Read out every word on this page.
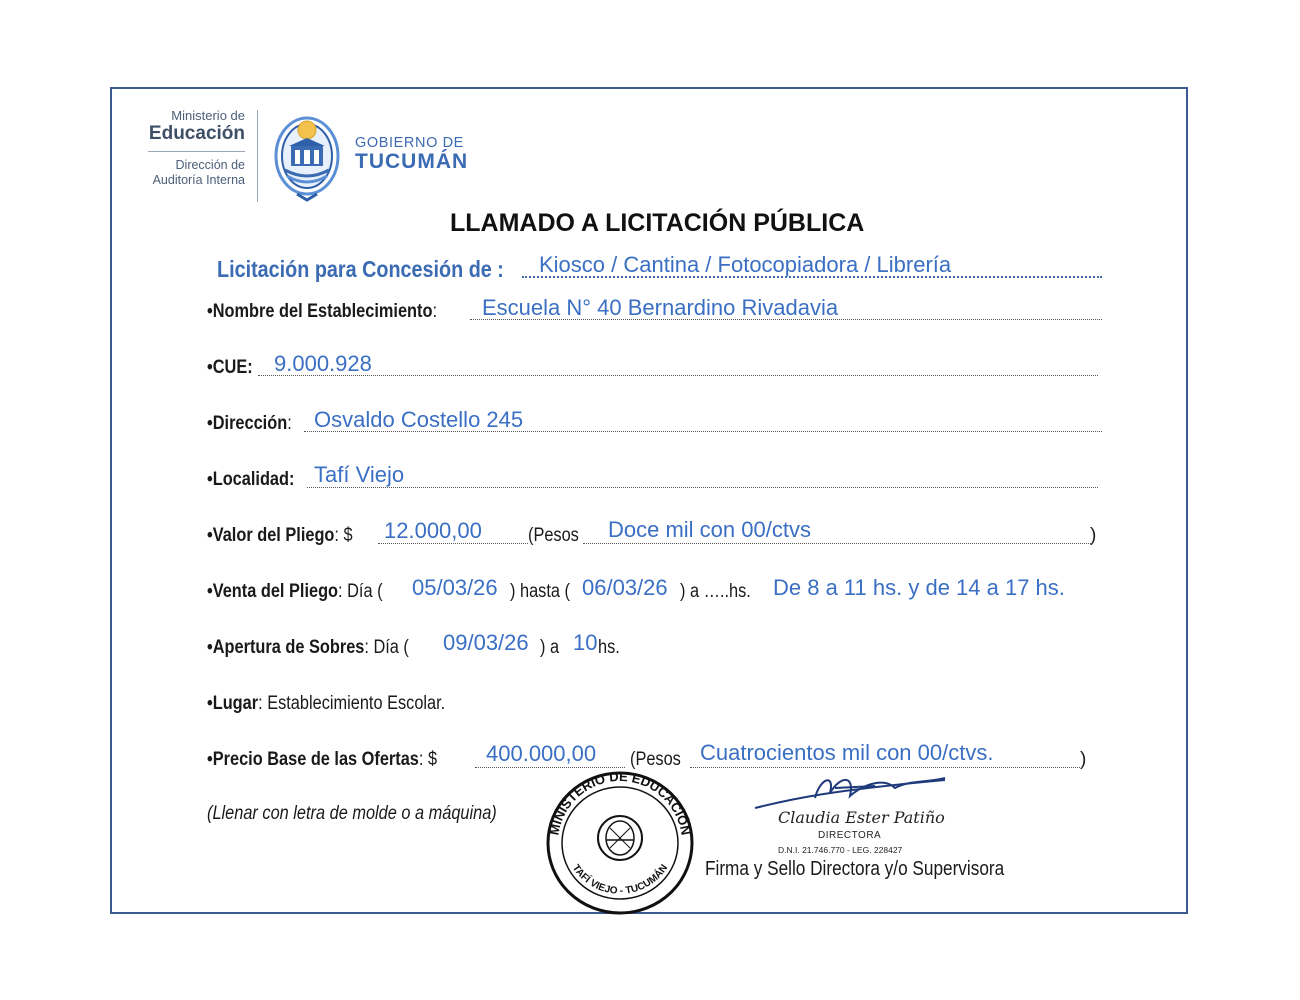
Ministerio de
Educación
Dirección de
Auditoría Interna
GOBIERNO DE
TUCUMÁN
LLAMADO A LICITACIÓN PÚBLICA
Licitación para Concesión de :	Kiosco / Cantina / Fotocopiadora / Librería
•Nombre del Establecimiento:	Escuela N° 40 Bernardino Rivadavia
•CUE: 9.000.928
•Dirección:	Osvaldo Costello 245
•Localidad: Tafí Viejo
•Valor del Pliego: $	12.000,00 (Pesos	Doce mil con 00/ctvs	)
•Venta del Pliego: Día (	05/03/26 ) hasta ( 06/03/26 ) a …..hs.	De 8 a 11 hs. y de 14 a 17 hs.
•Apertura de Sobres: Día (	09/03/26 ) a 10 hs.
•Lugar: Establecimiento Escolar.
•Precio Base de las Ofertas: $	400.000,00 (Pesos Cuatrocientos mil con 00/ctvs.	)
(Llenar con letra de molde o a máquina)
MINISTERIO DE EDUCACIÓN
TAFÍ VIEJO - TUCUMÁN
Claudia Ester Patiño
DIRECTORA
D.N.I. 21.746.770 - LEG. 228427
Firma y Sello Directora y/o Supervisora
